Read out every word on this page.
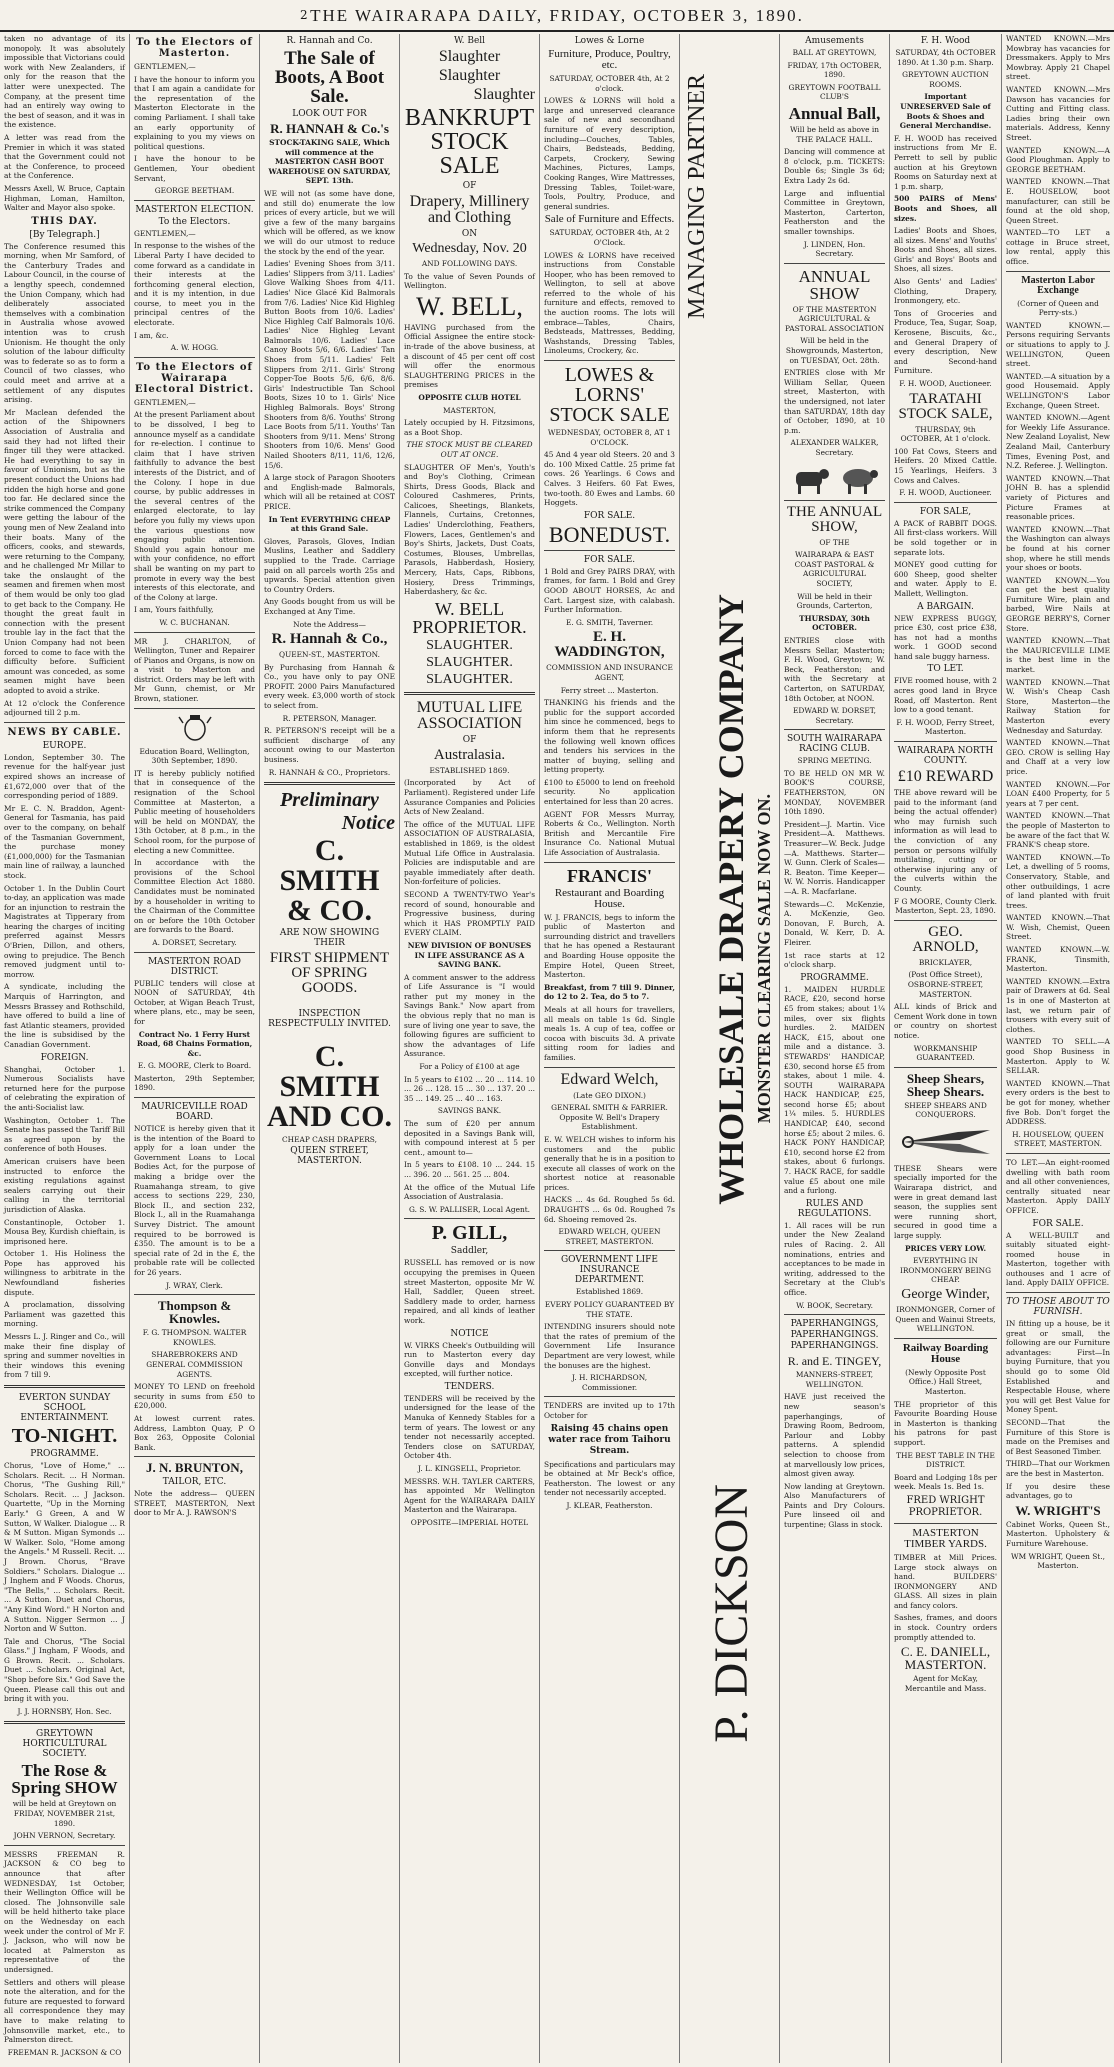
2 THE WAIRARAPA DAILY, FRIDAY, OCTOBER 3, 1890.

taken no advantage of its monopoly. It was absolutely impossible that Victorians could work with New Zealanders, if only for the reason that the latter were unexpected. The Company, at the present time had an entirely way owing to the best of season, and it was in the existence.

A letter was read from the Premier in which it was stated that the Government could not at the Conference, to proceed at the Conference.

Messrs Axell, W. Bruce, Captain Highman, Loman, Hamilton, Walter and Mayor also spoke.

THIS DAY.
[By Telegraph.]

The Conference resumed this morning, when Mr Samford, of the Canterbury Trades and Labour Council, in the course of a lengthy speech, condemned the Union Company, which had deliberately associated themselves with a combination in Australia whose avowed intention was to crush Unionism. He thought the only solution of the labour difficulty was to federate so as to form a Council of two classes, who could meet and arrive at a settlement of any disputes arising.

Mr Maclean defended the action of the Shipowners Association of Australia and said they had not lifted their finger till they were attacked. He had everything to say in favour of Unionism, but as the present conduct the Unions had ridden the high horse and gone too far. He declared since the strike commenced the Company were getting the labour of the young men of New Zealand into their boats. Many of the officers, cooks, and stewards, were returning to the Company, and he challenged Mr Millar to take the onslaught of the seamen and firemen when most of them would be only too glad to get back to the Company. He thought the great fault in connection with the present trouble lay in the fact that the Union Company had not been forced to come to face with the difficulty before. Sufficient amount was conceded, as some seamen might have been adopted to avoid a strike.

At 12 o'clock the Conference adjourned till 2 p.m.

NEWS BY CABLE.
EUROPE.

London, September 30. The revenue for the half-year just expired shows an increase of £1,672,000 over that of the corresponding period of 1889.

Mr E. C. N. Braddon, Agent-General for Tasmania, has paid over to the company, on behalf of the Tasmanian Government, the purchase money (£1,000,000) for the Tasmanian main line of railway, a launched stock.

October 1. In the Dublin Court to-day, an application was made for an injunction to restrain the Magistrates at Tipperary from hearing the charges of inciting preferred against Messrs O'Brien, Dillon, and others, owing to prejudice. The Bench removed judgment until to-morrow.

A syndicate, including the Marquis of Harrington, and Messrs Brassey and Rothschild, have offered to build a line of fast Atlantic steamers, provided the line is subsidised by the Canadian Government.

FOREIGN.

Shanghai, October 1. Numerous Socialists have returned here for the purpose of celebrating the expiration of the anti-Socialist law.

Washington, October 1. The Senate has passed the Tariff Bill as agreed upon by the conference of both Houses.

American cruisers have been instructed to enforce the existing regulations against sealers carrying out their calling in the territorial jurisdiction of Alaska.

Constantinople, October 1. Mousa Bey, Kurdish chieftain, is imprisoned here.

October 1. His Holiness the Pope has approved his willingness to arbitrate in the Newfoundland fisheries dispute.

A proclamation, dissolving Parliament was gazetted this morning.

Messrs L. J. Ringer and Co., will make their fine display of spring and summer novelties in their windows this evening from 7 till 9.

EVERTON SUNDAY SCHOOL ENTERTAINMENT.
TO-NIGHT.
PROGRAMME.

Chorus, "Love of Home," ... Scholars. Recit. ... H Norman. Chorus, "The Gushing Rill," Scholars. Recit. ... J Jackson. Quartette, "Up in the Morning Early." G Green, A and W Sutton, W Walker. Dialogue ... R & M Sutton. Migan Symonds ... W Walker. Solo, "Home among the Angels." M Russell. Recit. ... J Brown. Chorus, "Brave Soldiers." Scholars. Dialogue ... J Inghem and F Woods. Chorus, "The Bells," ... Scholars. Recit. ... A Sutton. Duet and Chorus, "Any Kind Word." H Norton and A Sutton. Nigger Sermon ... J Norton and W Sutton.

Tale and Chorus, "The Social Glass." J Ingham, F Woods, and G Brown. Recit. ... Scholars. Duet ... Scholars. Original Act, "Shop before Six." God Save the Queen. Please call this out and bring it with you.

J. J. HORNSBY, Hon. Sec.

GREYTOWN HORTICULTURAL SOCIETY.
The Rose & Spring SHOW

will be held at Greytown on FRIDAY, NOVEMBER 21st, 1890.

JOHN VERNON, Secretary.

MESSRS FREEMAN R. JACKSON & CO beg to announce that after WEDNESDAY, 1st October, their Wellington Office will be closed. The Johnsonville sale will be held hitherto take place on the Wednesday on each week under the control of Mr F. J. Jackson, who will now be located at Palmerston as representative of the undersigned.

Settlers and others will please note the alteration, and for the future are requested to forward all correspondence they may have to make relating to Johnsonville market, etc., to Palmerston direct.

FREEMAN R. JACKSON & CO

To the Electors of Masterton.

GENTLEMEN,—

I have the honour to inform you that I am again a candidate for the representation of the Masterton Electorate in the coming Parliament. I shall take an early opportunity of explaining to you my views on political questions.

I have the honour to be Gentlemen, Your obedient Servant,

GEORGE BEETHAM.

MASTERTON ELECTION.
To the Electors.

GENTLEMEN,—

In response to the wishes of the Liberal Party I have decided to come forward as a candidate in their interests at the forthcoming general election, and it is my intention, in due course, to meet you in the principal centres of the electorate.

I am, &c.

A. W. HOGG.

To the Electors of Wairarapa Electoral District.

GENTLEMEN,—

At the present Parliament about to be dissolved, I beg to announce myself as a candidate for re-election. I continue to claim that I have striven faithfully to advance the best interests of the District, and of the Colony. I hope in due course, by public addresses in the several centres of the enlarged electorate, to lay before you fully my views upon the various questions now engaging public attention. Should you again honour me with your confidence, no effort shall be wanting on my part to promote in every way the best interests of this electorate, and of the Colony at large.

I am, Yours faithfully,

W. C. BUCHANAN.

MR J. CHARLTON, of Wellington, Tuner and Repairer of Pianos and Organs, is now on a visit to Masterton and district. Orders may be left with Mr Gunn, chemist, or Mr Brown, stationer.

Education Board, Wellington, 30th September, 1890.

IT is hereby publicly notified that in consequence of the resignation of the School Committee at Masterton, a Public meeting of householders will be held on MONDAY, the 13th October, at 8 p.m., in the School room, for the purpose of electing a new Committee.

In accordance with the provisions of the School Committee Election Act 1880. Candidates must be nominated by a householder in writing to the Chairman of the Committee on or before the 10th October are forwards to the Board.

A. DORSET, Secretary.

MASTERTON ROAD DISTRICT.

PUBLIC tenders will close at NOON of SATURDAY, 4th October, at Wigan Beach Trust, where plans, etc., may be seen, for

Contract No. 1 Ferry Hurst Road, 68 Chains Formation, &c.

E. G. MOORE, Clerk to Board.

Masterton, 29th September, 1890.

MAURICEVILLE ROAD BOARD.

NOTICE is hereby given that it is the intention of the Board to apply for a loan under the Government Loans to Local Bodies Act, for the purpose of making a bridge over the Ruamahanga stream, to give access to sections 229, 230, Block II., and section 232, Block I., all in the Ruamahanga Survey District. The amount required to be borrowed is £350. The amount is to be a special rate of 2d in the £, the probable rate will be collected for 26 years.

J. WRAY, Clerk.

Thompson & Knowles.

F. G. THOMPSON. WALTER KNOWLES.

SHAREBROKERS AND GENERAL COMMISSION AGENTS.

MONEY TO LEND on freehold security in sums from £50 to £20,000.

At lowest current rates. Address, Lambton Quay, P O Box 263, Opposite Colonial Bank.

J. N. BRUNTON,
TAILOR, ETC.

Note the address— QUEEN STREET, MASTERTON, Next door to Mr A. J. RAWSON'S

R. Hannah and Co.
The Sale of Boots, A Boot Sale.
LOOK OUT FOR
R. HANNAH & Co.'s

STOCK-TAKING SALE, Which will commence at the MASTERTON CASH BOOT WAREHOUSE ON SATURDAY, SEPT. 13th.

WE will not (as some have done, and still do) enumerate the low prices of every article, but we will give a few of the many bargains which will be offered, as we know we will do our utmost to reduce the stock by the end of the year.

Ladies' Evening Shoes from 3/11. Ladies' Slippers from 3/11. Ladies' Glove Walking Shoes from 4/11. Ladies' Nice Glacé Kid Balmorals from 7/6. Ladies' Nice Kid Highleg Button Boots from 10/6. Ladies' Nice Highleg Calf Balmorals 10/6. Ladies' Nice Highleg Levant Balmorals 10/6. Ladies' Lace Canoy Boots 5/6, 6/6. Ladies' Tan Shoes from 5/11. Ladies' Felt Slippers from 2/11. Girls' Strong Copper-Toe Boots 5/6, 6/6, 8/6. Girls' Indestructible Tan School Boots, Sizes 10 to 1. Girls' Nice Highleg Balmorals. Boys' Strong Shooters from 8/6. Youths' Strong Lace Boots from 5/11. Youths' Tan Shooters from 9/11. Mens' Strong Shooters from 10/6. Mens' Good Nailed Shooters 8/11, 11/6, 12/6, 15/6.

A large stock of Paragon Shooters and English-made Balmorals, which will all be retained at COST PRICE.

In Tent EVERYTHING CHEAP at this Grand Sale.

Gloves, Parasols, Gloves, Indian Muslins, Leather and Saddlery supplied to the Trade. Carriage paid on all parcels worth 25s and upwards. Special attention given to Country Orders.

Any Goods bought from us will be Exchanged at Any Time.

Note the Address—

R. Hannah & Co.,

QUEEN-ST., MASTERTON.

By Purchasing from Hannah & Co., you have only to pay ONE PROFIT. 2000 Pairs Manufactured every week. £3,000 worth of stock to select from.

R. PETERSON, Manager.

R. PETERSON'S receipt will be a sufficient discharge of any account owing to our Masterton business.

R. HANNAH & CO., Proprietors.

Preliminary
Notice
C. SMITH & CO.

ARE NOW SHOWING THEIR

FIRST SHIPMENT OF SPRING GOODS.

INSPECTION RESPECTFULLY INVITED.

C. SMITH AND CO.

CHEAP CASH DRAPERS,

QUEEN STREET, MASTERTON.

W. Bell
Slaughter
Slaughter
Slaughter
BANKRUPT STOCK SALE
OF
Drapery, Millinery and Clothing
ON
Wednesday, Nov. 20

AND FOLLOWING DAYS.

To the value of Seven Pounds of Wellington.

W. BELL,

HAVING purchased from the Official Assignee the entire stock-in-trade of the above business, at a discount of 45 per cent off cost will offer the enormous SLAUGHTERING PRICES in the premises

OPPOSITE CLUB HOTEL

MASTERTON,

Lately occupied by H. Fitzsimons, as a Boot Shop.

THE STOCK MUST BE CLEARED OUT AT ONCE.

SLAUGHTER OF Men's, Youth's and Boy's Clothing, Crimean Shirts, Dress Goods, Black and Coloured Cashmeres, Prints, Calicoes, Sheetings, Blankets, Flannels, Curtains, Cretonnes, Ladies' Underclothing, Feathers, Flowers, Laces, Gentlemen's and Boy's Shirts, Jackets, Dust Coats, Costumes, Blouses, Umbrellas, Parasols, Habberdash, Hosiery, Mercery, Hats, Caps, Ribbons, Hosiery, Dress Trimmings, Haberdashery, &c &c.

W. BELL PROPRIETOR.
SLAUGHTER.
SLAUGHTER.
SLAUGHTER.
MUTUAL LIFE ASSOCIATION
OF
Australasia.

ESTABLISHED 1869.

(Incorporated by Act of Parliament). Registered under Life Assurance Companies and Policies Acts of New Zealand.

The office of the MUTUAL LIFE ASSOCIATION OF AUSTRALASIA, established in 1869, is the oldest Mutual Life Office in Australasia. Policies are indisputable and are payable immediately after death. Non-forfeiture of policies.

SECOND A TWENTY-TWO Year's record of sound, honourable and Progressive business, during which it HAS PROMPTLY PAID EVERY CLAIM.

NEW DIVISION OF BONUSES IN LIFE ASSURANCE AS A SAVING BANK.

A comment answer to the address of Life Assurance is "I would rather put my money in the Savings Bank." Now apart from the obvious reply that no man is sure of living one year to save, the following figures are sufficient to show the advantages of Life Assurance.

For a Policy of £100 at age

In 5 years to £102 ... 20 ... 114. 10 ... 26 ... 128. 15 ... 30 ... 137. 20 ... 35 ... 149. 25 ... 40 ... 163.

SAVINGS BANK.

The sum of £20 per annum deposited in a Savings Bank will, with compound interest at 5 per cent., amount to—

In 5 years to £108. 10 ... 244. 15 ... 396. 20 ... 561. 25 ... 804.

At the office of the Mutual Life Association of Australasia.

G. S. W. PALLISER, Local Agent.

P. GILL,
Saddler,

RUSSELL has removed or is now occupying the premises in Queen street Masterton, opposite Mr W. Hall, Saddler, Queen street. Saddlery made to order, harness repaired, and all kinds of leather work.

NOTICE

W. VIRKS Cheek's Outbuilding will run to Masterton every day Gonville days and Mondays excepted, will further notice.

TENDERS.

TENDERS will be received by the undersigned for the lease of the Manuka of Kennedy Stables for a term of years. The lowest or any tender not necessarily accepted. Tenders close on SATURDAY, October 4th.

J. L. KINGSELL, Proprietor.

MESSRS. W.H. TAYLER CARTERS, has appointed Mr Wellington Agent for the WAIRARAPA DAILY Masterton and the Wairarapa.

OPPOSITE—IMPERIAL HOTEL

Lowes & Lorne
Furniture, Produce, Poultry, etc.

SATURDAY, OCTOBER 4th, At 2 o'clock.

LOWES & LORNS will hold a large and unreserved clearance sale of new and secondhand furniture of every description, including—Couches, Tables, Chairs, Bedsteads, Bedding, Carpets, Crockery, Sewing Machines, Pictures, Lamps, Cooking Ranges, Wire Mattresses, Dressing Tables, Toilet-ware, Tools, Poultry, Produce, and general sundries.

Sale of Furniture and Effects.

SATURDAY, OCTOBER 4th, At 2 O'Clock.

LOWES & LORNS have received instructions from Constable Hooper, who has been removed to Wellington, to sell at above referred to the whole of his furniture and effects, removed to the auction rooms. The lots will embrace—Tables, Chairs, Bedsteads, Mattresses, Bedding, Washstands, Dressing Tables, Linoleums, Crockery, &c.

LOWES & LORNS' STOCK SALE

WEDNESDAY, OCTOBER 8, AT 1 O'CLOCK.

45 And 4 year old Steers. 20 and 3 do. 100 Mixed Cattle. 25 prime fat cows. 26 Yearlings. 6 Cows and Calves. 3 Heifers. 60 Fat Ewes, two-tooth. 80 Ewes and Lambs. 60 Hoggets.

FOR SALE.
BONEDUST.
FOR SALE.

1 Bold and Grey PAIRS DRAY, with frames, for farm. 1 Bold and Grey GOOD ABOUT HORSES, Ac and Cart. Largest size, with calabash. Further Information.

E. G. SMITH, Taverner.

E. H. WADDINGTON,

COMMISSION AND INSURANCE AGENT,

Ferry street ... Masterton.

THANKING his friends and the public for the support accorded him since he commenced, begs to inform them that he represents the following well known offices and tenders his services in the matter of buying, selling and letting property.

£100 to £5000 to lend on freehold security. No application entertained for less than 20 acres.

AGENT FOR Messrs Murray, Roberts & Co., Wellington. North British and Mercantile Fire Insurance Co. National Mutual Life Association of Australasia.

FRANCIS'
Restaurant and Boarding House.

W. J. FRANCIS, begs to inform the public of Masterton and surrounding district and travellers that he has opened a Restaurant and Boarding House opposite the Empire Hotel, Queen Street, Masterton.

Breakfast, from 7 till 9. Dinner, do 12 to 2. Tea, do 5 to 7.

Meals at all hours for travellers, all meals on table 1s 6d. Single meals 1s. A cup of tea, coffee or cocoa with biscuits 3d. A private sitting room for ladies and families.

Edward Welch,

(Late GEO DIXON.)

GENERAL SMITH & FARRIER. Opposite W. Bell's Drapery Establishment.

E. W. WELCH wishes to inform his customers and the public generally that he is in a position to execute all classes of work on the shortest notice at reasonable prices.

HACKS ... 4s 6d. Roughed 5s 6d. DRAUGHTS ... 6s 0d. Roughed 7s 6d. Shoeing removed 2s.

EDWARD WELCH, QUEEN STREET, MASTERTON.

GOVERNMENT LIFE INSURANCE DEPARTMENT.

Established 1869.

EVERY POLICY GUARANTEED BY THE STATE.

INTENDING insurers should note that the rates of premium of the Government Life Insurance Department are very lowest, while the bonuses are the highest.

J. H. RICHARDSON, Commissioner.

TENDERS are invited up to 17th October for

Raising 45 chains open water race from Taihoru Stream.

Specifications and particulars may be obtained at Mr Beck's office, Featherston. The lowest or any tender not necessarily accepted.

J. KLEAR, Featherston.

MANAGING PARTNER
WHOLESALE DRAPERY COMPANY MONSTER CLEARING SALE NOW ON.
P. DICKSON
Amusements

BALL AT GREYTOWN,

FRIDAY, 17th OCTOBER, 1890.

GREYTOWN FOOTBALL CLUB'S

Annual Ball,

Will be held as above in THE PALACE HALL.

Dancing will commence at 8 o'clock, p.m. TICKETS: Double 6s; Single 3s 6d; Extra Lady 2s 6d.

Large and influential Committee in Greytown, Masterton, Carterton, Featherston and the smaller townships.

J. LINDEN, Hon. Secretary.

ANNUAL SHOW

OF THE MASTERTON AGRICULTURAL & PASTORAL ASSOCIATION

Will be held in the Showgrounds, Masterton, on TUESDAY, Oct. 28th.

ENTRIES close with Mr William Sellar, Queen street, Masterton, with the undersigned, not later than SATURDAY, 18th day of October, 1890, at 10 p.m.

ALEXANDER WALKER, Secretary.

THE ANNUAL SHOW,

OF THE

WAIRARAPA & EAST COAST PASTORAL & AGRICULTURAL SOCIETY,

Will be held in their Grounds, Carterton,

THURSDAY, 30th OCTOBER.

ENTRIES close with Messrs Sellar, Masterton; F. H. Wood, Greytown; W. Beck, Featherston; and with the Secretary at Carterton, on SATURDAY, 18th October, at NOON.

EDWARD W. DORSET, Secretary.

SOUTH WAIRARAPA RACING CLUB.

SPRING MEETING.

TO BE HELD ON MR W. BOOK'S COURSE, FEATHERSTON, ON MONDAY, NOVEMBER 10th 1890.

President—J. Martin. Vice President—A. Matthews. Treasurer—W. Beck. Judge—A. Matthews. Starter—W. Gunn. Clerk of Scales—R. Beaton. Time Keeper—W. W. Norris. Handicapper—A. R. Macfarlane.

Stewards—C. McKenzie, A. McKenzie, Geo. Donovan, F. Burch, A. Donald, W. Kerr, D. A. Fleirer.

1st race starts at 12 o'clock sharp.

PROGRAMME.

1. MAIDEN HURDLE RACE, £20, second horse £5 from stakes; about 1¼ miles, over six flights hurdles. 2. MAIDEN HACK, £15, about one mile and a distance. 3. STEWARDS' HANDICAP, £30, second horse £5 from stakes, about 1 mile. 4. SOUTH WAIRARAPA HACK HANDICAP, £25, second horse £5; about 1¼ miles. 5. HURDLES HANDICAP, £40, second horse £5; about 2 miles. 6. HACK PONY HANDICAP, £10, second horse £2 from stakes, about 6 furlongs. 7. HACK RACE, for saddle value £5 about one mile and a furlong.

RULES AND REGULATIONS.

1. All races will be run under the New Zealand rules of Racing. 2. All nominations, entries and acceptances to be made in writing, addressed to the Secretary at the Club's office.

W. BOOK, Secretary.

PAPERHANGINGS, PAPERHANGINGS. PAPERHANGINGS.

R. and E. TINGEY,

MANNERS-STREET, WELLINGTON.

HAVE just received the new season's paperhangings, of Drawing Room, Bedroom, Parlour and Lobby patterns. A splendid selection to choose from at marvellously low prices, almost given away.

Now landing at Greytown. Also Manufacturers of Paints and Dry Colours. Pure linseed oil and turpentine; Glass in stock.

F. H. Wood

SATURDAY, 4th OCTOBER 1890. At 1.30 p.m. Sharp.

GREYTOWN AUCTION ROOMS.

Important UNRESERVED Sale of Boots & Shoes and General Merchandise.

F. H. WOOD has received instructions from Mr E. Perrett to sell by public auction at his Greytown Rooms on Saturday next at 1 p.m. sharp,

500 PAIRS of Mens' Boots and Shoes, all sizes.

Ladies' Boots and Shoes, all sizes. Mens' and Youths' Boots and Shoes, all sizes. Girls' and Boys' Boots and Shoes, all sizes.

Also Gents' and Ladies' Clothing, Drapery, Ironmongery, etc.

Tons of Groceries and Produce, Tea, Sugar, Soap, Kerosene, Biscuits, &c., and General Drapery of every description, New and Second-hand Furniture.

F. H. WOOD, Auctioneer.

TARATAHI STOCK SALE,

THURSDAY, 9th OCTOBER, At 1 o'clock.

100 Fat Cows, Steers and Heifers. 20 Mixed Cattle. 15 Yearlings, Heifers. 3 Cows and Calves.

F. H. WOOD, Auctioneer.

FOR SALE,

A PACK of RABBIT DOGS. All first-class workers. Will be sold together or in separate lots.

MONEY good cutting for 600 Sheep, good shelter and water. Apply to E. Mallett, Wellington.

A BARGAIN.

NEW EXPRESS BUGGY, price £30, cost price £38, has not had a months work. 1 GOOD second hand sale buggy harness.

TO LET.

FIVE roomed house, with 2 acres good land in Bryce Road, off Masterton. Rent low to a good tenant.

F. H. WOOD, Ferry Street, Masterton.

WAIRARAPA NORTH COUNTY.
£10 REWARD

THE above reward will be paid to the informant (and being the actual offender) who may furnish such information as will lead to the conviction of any person or persons wilfully mutilating, cutting or otherwise injuring any of the culverts within the County.

F G MOORE, County Clerk. Masterton, Sept. 23, 1890.

GEO. ARNOLD,

BRICKLAYER,

(Post Office Street), OSBORNE-STREET, MASTERTON.

ALL kinds of Brick and Cement Work done in town or country on shortest notice.

WORKMANSHIP GUARANTEED.

Sheep Shears, Sheep Shears.

SHEEP SHEARS AND CONQUERORS.

THESE Shears were specially imported for the Wairarapa district, and were in great demand last season, the supplies sent were running short, secured in good time a large supply.

PRICES VERY LOW.

EVERYTHING IN IRONMONGERY BEING CHEAP.

George Winder,

IRONMONGER, Corner of Queen and Wainui Streets, WELLINGTON.

Railway Boarding House

(Newly Opposite Post Office.) Hall Street, Masterton.

THE proprietor of this Favourite Boarding House in Masterton is thanking his patrons for past support.

THE BEST TABLE IN THE DISTRICT.

Board and Lodging 18s per week. Meals 1s. Bed 1s.

FRED WRIGHT PROPRIETOR.

MASTERTON TIMBER YARDS.

TIMBER at Mill Prices. Large stock always on hand. BUILDERS' IRONMONGERY AND GLASS. All sizes in plain and fancy colors.

Sashes, frames, and doors in stock. Country orders promptly attended to.

C. E. DANIELL, MASTERTON.

Agent for McKay, Mercantile and Mass.

WANTED KNOWN.—Mrs Mowbray has vacancies for Dressmakers. Apply to Mrs Mowbray. Apply 21 Chapel street.

WANTED KNOWN.—Mrs Dawson has vacancies for Cutting and Fitting class. Ladies bring their own materials. Address, Kenny Street.

WANTED KNOWN.—A Good Ploughman. Apply to GEORGE BEETHAM.

WANTED KNOWN.—That E. HOUSELOW, boot manufacturer, can still be found at the old shop, Queen Street.

WANTED—TO LET a cottage in Bruce street, low rental, apply this office.

Masterton Labor Exchange

(Corner of Queen and Perry-sts.)

WANTED KNOWN.—Persons requiring Servants or situations to apply to J. WELLINGTON, Queen street.

WANTED.—A situation by a good Housemaid. Apply WELLINGTON'S Labor Exchange, Queen Street.

WANTED KNOWN.—Agent for Weekly Life Assurance. New Zealand Loyalist, New Zealand Mail, Canterbury Times, Evening Post, and N.Z. Referee. J. Wellington.

WANTED KNOWN.—That JOHN B. has a splendid variety of Pictures and Picture Frames at reasonable prices.

WANTED KNOWN.—That the Washington can always be found at his corner shop, where he still mends your shoes or boots.

WANTED KNOWN.—You can get the best quality Furniture Wire, plain and barbed, Wire Nails at GEORGE BERRY'S, Corner Store.

WANTED KNOWN.—That the MAURICEVILLE LIME is the best lime in the market.

WANTED KNOWN.—That W. Wish's Cheap Cash Store, Masterton—the Railway Station for Masterton every Wednesday and Saturday.

WANTED KNOWN.—That GEO. CROW is selling Hay and Chaff at a very low price.

WANTED KNOWN.—For LOAN £400 Property, for 5 years at 7 per cent.

WANTED KNOWN.—That the people of Masterton to be aware of the fact that W. FRANK'S cheap store.

WANTED KNOWN.—To Let, a dwelling of 5 rooms, Conservatory, Stable, and other outbuildings, 1 acre of land planted with fruit trees.

WANTED KNOWN.—That W. Wish, Chemist, Queen Street.

WANTED KNOWN.—W. FRANK, Tinsmith, Masterton.

WANTED KNOWN.—Extra pair of Drawers at 6d. Seal 1s in one of Masterton at last, we return pair of trousers with every suit of clothes.

WANTED TO SELL.—A good Shop Business in Masterton. Apply to W. SELLAR.

WANTED KNOWN.—That every orders is the best to be got for money, whether five Bob. Don't forget the ADDRESS.

H. HOUSELOW, QUEEN STREET, MASTERTON.

TO LET.—An eight-roomed dwelling with bath room and all other conveniences, centrally situated near Masterton. Apply DAILY OFFICE.

FOR SALE.

A WELL-BUILT and suitably situated eight-roomed house in Masterton, together with outhouses and 1 acre of land. Apply DAILY OFFICE.

TO THOSE ABOUT TO FURNISH.

IN fitting up a house, be it great or small, the following are our Furniture advantages: First—In buying Furniture, that you should go to some Old Established and Respectable House, where you will get Best Value for Money Spent.

SECOND—That the Furniture of this Store is made on the Premises and of Best Seasoned Timber.

THIRD—That our Workmen are the best in Masterton.

If you desire these advantages, go to

W. WRIGHT'S

Cabinet Works, Queen St., Masterton. Upholstery & Furniture Warehouse.

WM WRIGHT, Queen St., Masterton.
